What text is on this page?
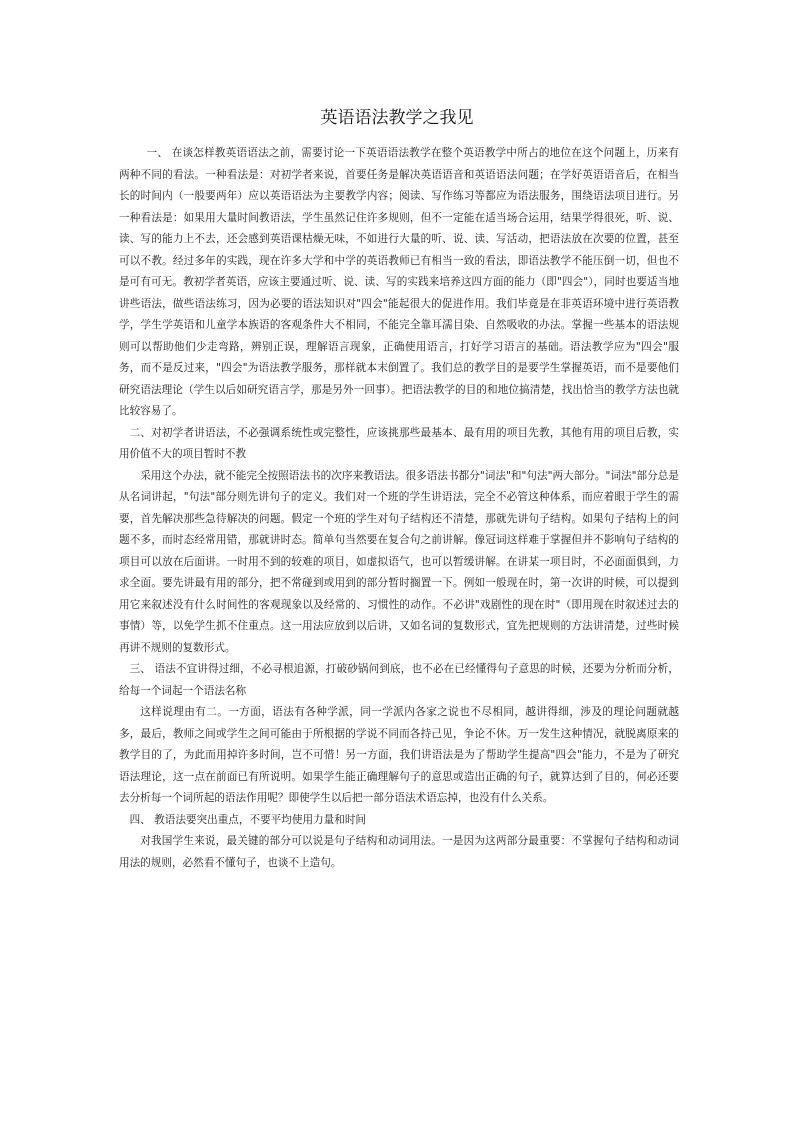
英语语法教学之我见

一、 在谈怎样教英语语法之前，需要讨论一下英语语法教学在整个英语教学中所占的地位在这个问题上，历来有两种不同的看法。一种看法是：对初学者来说，首要任务是解决英语语音和英语语法问题；在学好英语语音后，在相当长的时间内（一般要两年）应以英语语法为主要教学内容；阅读、写作练习等都应为语法服务，围绕语法项目进行。另一种看法是：如果用大量时间教语法，学生虽然记住许多规则，但不一定能在适当场合运用，结果学得很死，听、说、读、写的能力上不去，还会感到英语课枯燥无味，不如进行大量的听、说、读、写活动，把语法放在次要的位置，甚至可以不教。经过多年的实践，现在许多大学和中学的英语教师已有相当一致的看法，即语法教学不能压倒一切，但也不是可有可无。教初学者英语，应该主要通过听、说、读、写的实践来培养这四方面的能力（即"四会"），同时也要适当地讲些语法，做些语法练习，因为必要的语法知识对"四会"能起很大的促进作用。我们毕竟是在非英语环境中进行英语教学，学生学英语和儿童学本族语的客观条件大不相同，不能完全靠耳濡目染、自然吸收的办法。掌握一些基本的语法规则可以帮助他们少走弯路，辨别正误，理解语言现象，正确使用语言，打好学习语言的基础。语法教学应为"四会"服务，而不是反过来，"四会"为语法教学服务，那样就本末倒置了。我们总的教学目的是要学生掌握英语，而不是要他们研究语法理论（学生以后如研究语言学，那是另外一回事）。把语法教学的目的和地位搞清楚，找出恰当的教学方法也就比较容易了。

二、对初学者讲语法，不必强调系统性或完整性，应该挑那些最基本、最有用的项目先教，其他有用的项目后教，实用价值不大的项目暂时不教

采用这个办法，就不能完全按照语法书的次序来教语法。很多语法书都分"词法"和"句法"两大部分。"词法"部分总是从名词讲起，"句法"部分则先讲句子的定义。我们对一个班的学生讲语法，完全不必管这种体系，而应着眼于学生的需要，首先解决那些急待解决的问题。假定一个班的学生对句子结构还不清楚，那就先讲句子结构。如果句子结构上的问题不多，而时态经常用错，那就讲时态。简单句当然要在复合句之前讲解。像冠词这样难于掌握但并不影响句子结构的项目可以放在后面讲。一时用不到的较难的项目，如虚拟语气，也可以暂缓讲解。在讲某一项目时，不必面面俱到，力求全面。要先讲最有用的部分，把不常碰到或用到的部分暂时搁置一下。例如一般现在时，第一次讲的时候，可以提到用它来叙述没有什么时间性的客观现象以及经常的、习惯性的动作。不必讲"戏剧性的现在时"（即用现在时叙述过去的事情）等，以免学生抓不住重点。这一用法应放到以后讲，又如名词的复数形式，宜先把规则的方法讲清楚，过些时候再讲不规则的复数形式。

三、 语法不宜讲得过细，不必寻根追源，打破砂锅问到底，也不必在已经懂得句子意思的时候，还要为分析而分析，给每一个词起一个语法名称

这样说理由有二。一方面，语法有各种学派，同一学派内各家之说也不尽相同，越讲得细，涉及的理论问题就越多，最后，教师之间或学生之间可能由于所根据的学说不同而各持己见，争论不休。万一发生这种情况，就脱离原来的教学目的了，为此而用掉许多时间，岂不可惜！另一方面，我们讲语法是为了帮助学生提高"四会"能力，不是为了研究语法理论，这一点在前面已有所说明。如果学生能正确理解句子的意思或造出正确的句子，就算达到了目的，何必还要去分析每一个词所起的语法作用呢？即使学生以后把一部分语法术语忘掉，也没有什么关系。

四、 教语法要突出重点，不要平均使用力量和时间

对我国学生来说，最关键的部分可以说是句子结构和动词用法。一是因为这两部分最重要：不掌握句子结构和动词用法的规则，必然看不懂句子，也谈不上造句。
